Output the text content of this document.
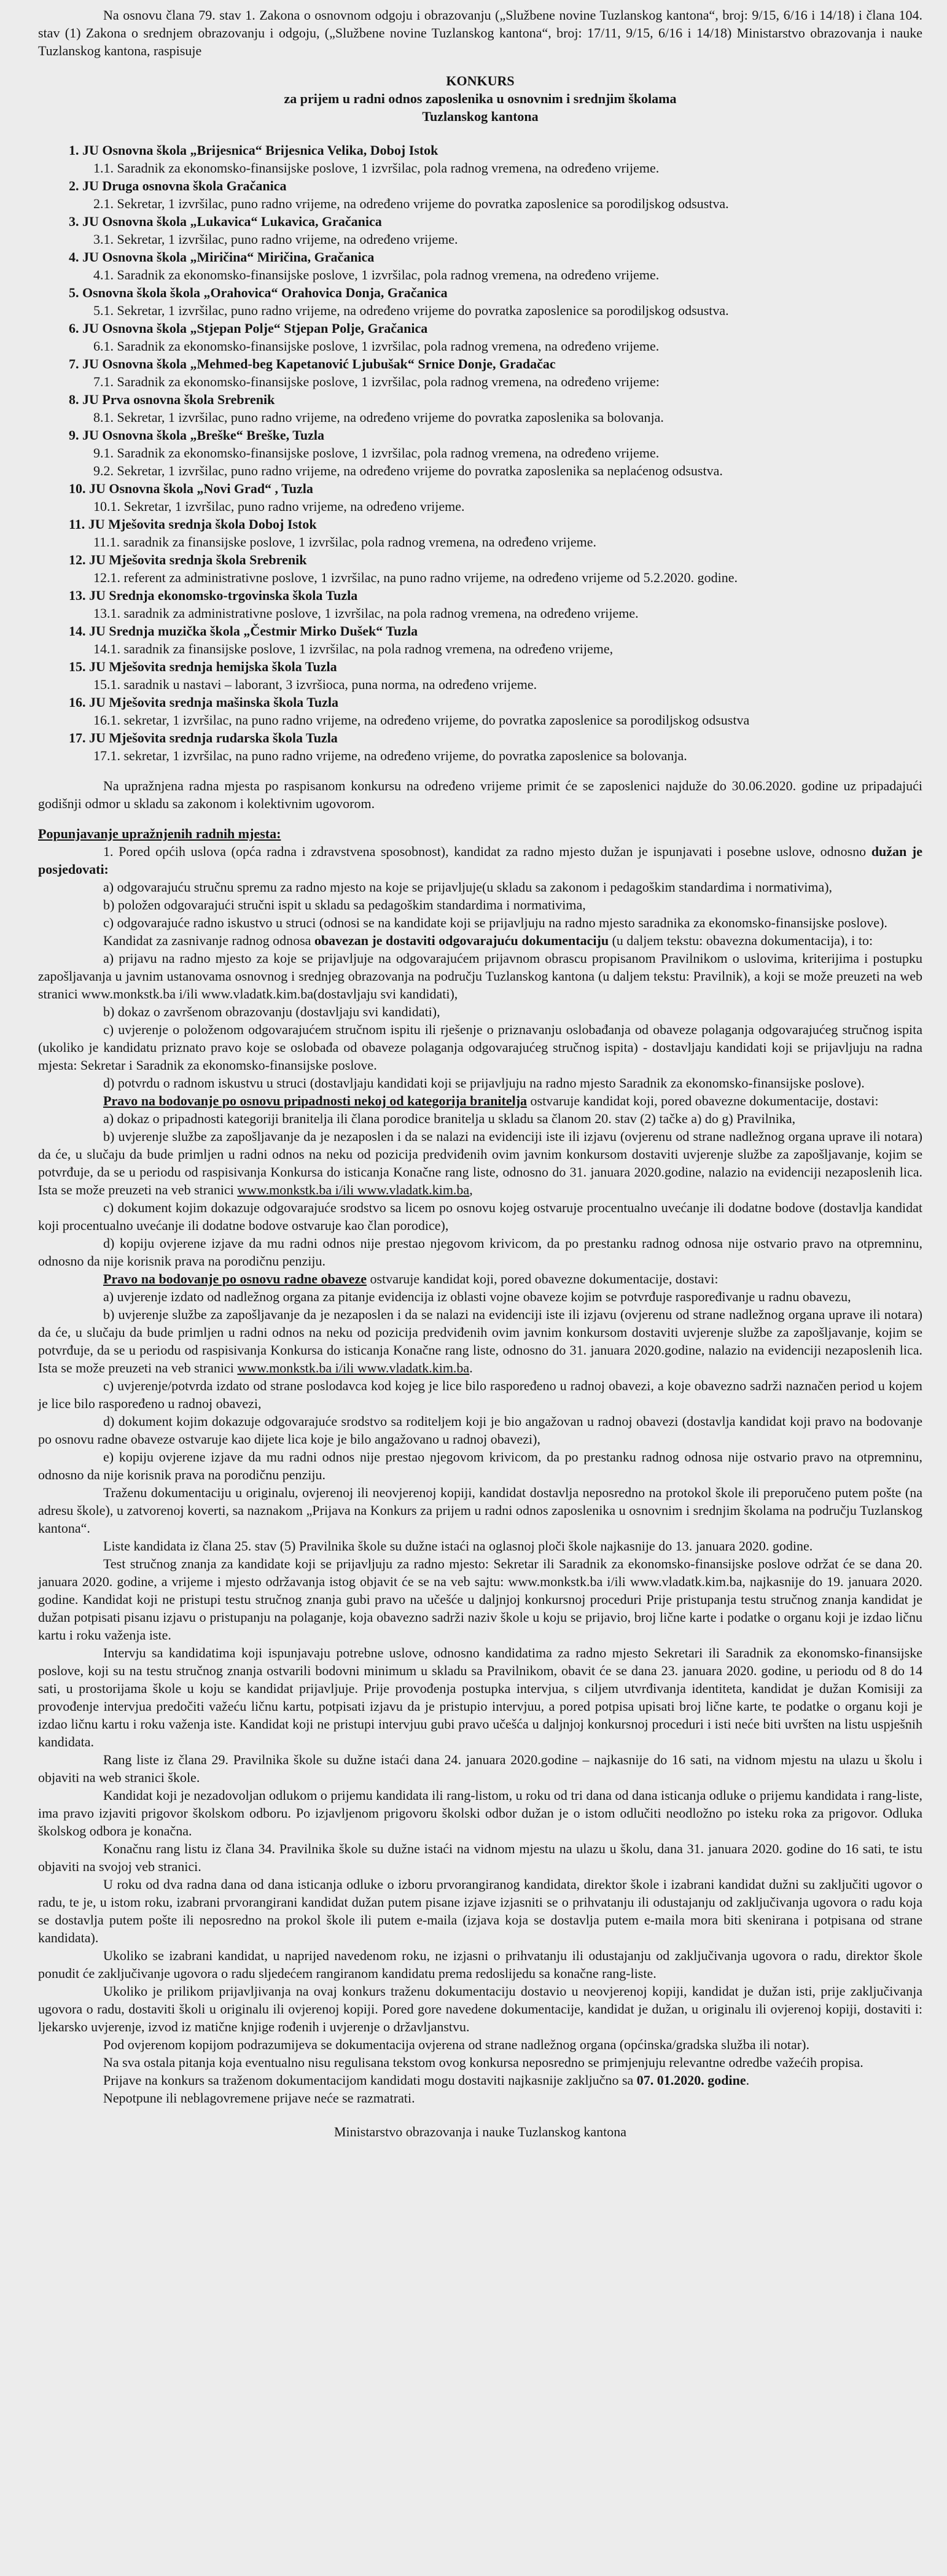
Na osnovu člana 79. stav 1. Zakona o osnovnom odgoju i obrazovanju („Službene novine Tuzlanskog kantona“, broj: 9/15, 6/16 i 14/18) i člana 104. stav (1) Zakona o srednjem obrazovanju i odgoju, („Službene novine Tuzlanskog kantona“, broj: 17/11, 9/15, 6/16 i 14/18) Ministarstvo obrazovanja i nauke Tuzlanskog kantona, raspisuje

KONKURS

za prijem u radni odnos zaposlenika u osnovnim i srednjim školama

Tuzlanskog kantona

1. JU Osnovna škola „Brijesnica“ Brijesnica Velika, Doboj Istok

1.1. Saradnik za ekonomsko-finansijske poslove, 1 izvršilac, pola radnog vremena, na određeno vrijeme.

2. JU Druga osnovna škola Gračanica

2.1. Sekretar, 1 izvršilac, puno radno vrijeme, na određeno vrijeme do povratka zaposlenice sa porodiljskog odsustva.

3. JU Osnovna škola „Lukavica“ Lukavica, Gračanica

3.1. Sekretar, 1 izvršilac, puno radno vrijeme, na određeno vrijeme.

4. JU Osnovna škola „Miričina“ Miričina, Gračanica

4.1. Saradnik za ekonomsko-finansijske poslove, 1 izvršilac, pola radnog vremena, na određeno vrijeme.

5. Osnovna škola škola „Orahovica“ Orahovica Donja, Gračanica

5.1. Sekretar, 1 izvršilac, puno radno vrijeme, na određeno vrijeme do povratka zaposlenice sa porodiljskog odsustva.

6. JU Osnovna škola „Stjepan Polje“ Stjepan Polje, Gračanica

6.1. Saradnik za ekonomsko-finansijske poslove, 1 izvršilac, pola radnog vremena, na određeno vrijeme.

7. JU Osnovna škola „Mehmed-beg Kapetanović Ljubušak“ Srnice Donje, Gradačac

7.1. Saradnik za ekonomsko-finansijske poslove, 1 izvršilac, pola radnog vremena, na određeno vrijeme:

8. JU Prva osnovna škola Srebrenik

8.1. Sekretar, 1 izvršilac, puno radno vrijeme, na određeno vrijeme do povratka zaposlenika sa bolovanja.

9. JU Osnovna škola „Breške“ Breške, Tuzla

9.1. Saradnik za ekonomsko-finansijske poslove, 1 izvršilac, pola radnog vremena, na određeno vrijeme.

9.2. Sekretar, 1 izvršilac, puno radno vrijeme, na određeno vrijeme do povratka zaposlenika sa neplaćenog odsustva.

10. JU Osnovna škola „Novi Grad“ , Tuzla

10.1. Sekretar, 1 izvršilac, puno radno vrijeme, na određeno vrijeme.

11. JU Mješovita srednja škola Doboj Istok

11.1. saradnik za finansijske poslove, 1 izvršilac, pola radnog vremena, na određeno vrijeme.

12. JU Mješovita srednja škola Srebrenik

12.1. referent za administrativne poslove, 1 izvršilac, na puno radno vrijeme, na određeno vrijeme od 5.2.2020. godine.

13. JU Srednja ekonomsko-trgovinska škola Tuzla

13.1. saradnik za administrativne poslove, 1 izvršilac, na pola radnog vremena, na određeno vrijeme.

14. JU Srednja muzička škola „Čestmir Mirko Dušek“ Tuzla

14.1. saradnik za finansijske poslove, 1 izvršilac, na pola radnog vremena, na određeno vrijeme,

15. JU Mješovita srednja hemijska škola Tuzla

15.1. saradnik u nastavi – laborant, 3 izvršioca, puna norma, na određeno vrijeme.

16. JU Mješovita srednja mašinska škola Tuzla

16.1. sekretar, 1 izvršilac, na puno radno vrijeme, na određeno vrijeme, do povratka zaposlenice sa porodiljskog odsustva

17. JU Mješovita srednja rudarska škola Tuzla

17.1. sekretar, 1 izvršilac, na puno radno vrijeme, na određeno vrijeme, do povratka zaposlenice sa bolovanja.

Na upražnjena radna mjesta po raspisanom konkursu na određeno vrijeme primit će se zaposlenici najduže do 30.06.2020. godine uz pripadajući godišnji odmor u skladu sa zakonom i kolektivnim ugovorom.

Popunjavanje upražnjenih radnih mjesta:

1. Pored općih uslova (opća radna i zdravstvena sposobnost), kandidat za radno mjesto dužan je ispunjavati i posebne uslove, odnosno dužan je posjedovati:

a) odgovarajuću stručnu spremu za radno mjesto na koje se prijavljuje(u skladu sa zakonom i pedagoškim standardima i normativima),

b) položen odgovarajući stručni ispit u skladu sa pedagoškim standardima i normativima,

c) odgovarajuće radno iskustvo u struci (odnosi se na kandidate koji se prijavljuju na radno mjesto saradnika za ekonomsko-finansijske poslove).

Kandidat za zasnivanje radnog odnosa obavezan je dostaviti odgovarajuću dokumentaciju (u daljem tekstu: obavezna dokumentacija), i to:

a) prijavu na radno mjesto za koje se prijavljuje na odgovarajućem prijavnom obrascu propisanom Pravilnikom o uslovima, kriterijima i postupku zapošljavanja u javnim ustanovama osnovnog i srednjeg obrazovanja na području Tuzlanskog kantona (u daljem tekstu: Pravilnik), a koji se može preuzeti na web stranici www.monkstk.ba i/ili www.vladatk.kim.ba(dostavljaju svi kandidati),

b) dokaz o završenom obrazovanju (dostavljaju svi kandidati),

c) uvjerenje o položenom odgovarajućem stručnom ispitu ili rješenje o priznavanju oslobađanja od obaveze polaganja odgovarajućeg stručnog ispita (ukoliko je kandidatu priznato pravo koje se oslobađa od obaveze polaganja odgovarajućeg stručnog ispita) - dostavljaju kandidati koji se prijavljuju na radna mjesta: Sekretar i Saradnik za ekonomsko-finansijske poslove.

d) potvrdu o radnom iskustvu u struci (dostavljaju kandidati koji se prijavljuju na radno mjesto Saradnik za ekonomsko-finansijske poslove).

Pravo na bodovanje po osnovu pripadnosti nekoj od kategorija branitelja ostvaruje kandidat koji, pored obavezne dokumentacije, dostavi:

a) dokaz o pripadnosti kategoriji branitelja ili člana porodice branitelja u skladu sa članom 20. stav (2) tačke a) do g) Pravilnika,

b) uvjerenje službe za zapošljavanje da je nezaposlen i da se nalazi na evidenciji iste ili izjavu (ovjerenu od strane nadležnog organa uprave ili notara) da će, u slučaju da bude primljen u radni odnos na neku od pozicija predviđenih ovim javnim konkursom dostaviti uvjerenje službe za zapošljavanje, kojim se potvrđuje, da se u periodu od raspisivanja Konkursa do isticanja Konačne rang liste, odnosno do 31. januara 2020.godine, nalazio na evidenciji nezaposlenih lica. Ista se može preuzeti na veb stranici www.monkstk.ba i/ili www.vladatk.kim.ba,

c) dokument kojim dokazuje odgovarajuće srodstvo sa licem po osnovu kojeg ostvaruje procentualno uvećanje ili dodatne bodove (dostavlja kandidat koji procentualno uvećanje ili dodatne bodove ostvaruje kao član porodice),

d) kopiju ovjerene izjave da mu radni odnos nije prestao njegovom krivicom, da po prestanku radnog odnosa nije ostvario pravo na otpremninu, odnosno da nije korisnik prava na porodičnu penziju.

Pravo na bodovanje po osnovu radne obaveze ostvaruje kandidat koji, pored obavezne dokumentacije, dostavi:

a) uvjerenje izdato od nadležnog organa za pitanje evidencija iz oblasti vojne obaveze kojim se potvrđuje raspoređivanje u radnu obavezu,

b) uvjerenje službe za zapošljavanje da je nezaposlen i da se nalazi na evidenciji iste ili izjavu (ovjerenu od strane nadležnog organa uprave ili notara) da će, u slučaju da bude primljen u radni odnos na neku od pozicija predviđenih ovim javnim konkursom dostaviti uvjerenje službe za zapošljavanje, kojim se potvrđuje, da se u periodu od raspisivanja Konkursa do isticanja Konačne rang liste, odnosno do 31. januara 2020.godine, nalazio na evidenciji nezaposlenih lica. Ista se može preuzeti na veb stranici www.monkstk.ba i/ili www.vladatk.kim.ba.

c) uvjerenje/potvrda izdato od strane poslodavca kod kojeg je lice bilo raspoređeno u radnoj obavezi, a koje obavezno sadrži naznačen period u kojem je lice bilo raspoređeno u radnoj obavezi,

d) dokument kojim dokazuje odgovarajuće srodstvo sa roditeljem koji je bio angažovan u radnoj obavezi (dostavlja kandidat koji pravo na bodovanje po osnovu radne obaveze ostvaruje kao dijete lica koje je bilo angažovano u radnoj obavezi),

e) kopiju ovjerene izjave da mu radni odnos nije prestao njegovom krivicom, da po prestanku radnog odnosa nije ostvario pravo na otpremninu, odnosno da nije korisnik prava na porodičnu penziju.

Traženu dokumentaciju u originalu, ovjerenoj ili neovjerenoj kopiji, kandidat dostavlja neposredno na protokol škole ili preporučeno putem pošte (na adresu škole), u zatvorenoj koverti, sa naznakom „Prijava na Konkurs za prijem u radni odnos zaposlenika u osnovnim i srednjim školama na području Tuzlanskog kantona“.

Liste kandidata iz člana 25. stav (5) Pravilnika škole su dužne istaći na oglasnoj ploči škole najkasnije do 13. januara 2020. godine.

Test stručnog znanja za kandidate koji se prijavljuju za radno mjesto: Sekretar ili Saradnik za ekonomsko-finansijske poslove održat će se dana 20. januara 2020. godine, a vrijeme i mjesto održavanja istog objavit će se na veb sajtu: www.monkstk.ba i/ili www.vladatk.kim.ba, najkasnije do 19. januara 2020. godine. Kandidat koji ne pristupi testu stručnog znanja gubi pravo na učešće u daljnjoj konkursnoj proceduri Prije pristupanja testu stručnog znanja kandidat je dužan potpisati pisanu izjavu o pristupanju na polaganje, koja obavezno sadrži naziv škole u koju se prijavio, broj lične karte i podatke o organu koji je izdao ličnu kartu i roku važenja iste.

Intervju sa kandidatima koji ispunjavaju potrebne uslove, odnosno kandidatima za radno mjesto Sekretari ili Saradnik za ekonomsko-finansijske poslove, koji su na testu stručnog znanja ostvarili bodovni minimum u skladu sa Pravilnikom, obavit će se dana 23. januara 2020. godine, u periodu od 8 do 14 sati, u prostorijama škole u koju se kandidat prijavljuje. Prije provođenja postupka intervjua, s ciljem utvrđivanja identiteta, kandidat je dužan Komisiji za provođenje intervjua predočiti važeću ličnu kartu, potpisati izjavu da je pristupio intervjuu, a pored potpisa upisati broj lične karte, te podatke o organu koji je izdao ličnu kartu i roku važenja iste. Kandidat koji ne pristupi intervjuu gubi pravo učešća u daljnjoj konkursnoj proceduri i isti neće biti uvršten na listu uspješnih kandidata.

Rang liste iz člana 29. Pravilnika škole su dužne istaći dana 24. januara 2020.godine – najkasnije do 16 sati, na vidnom mjestu na ulazu u školu i objaviti na web stranici škole.

Kandidat koji je nezadovoljan odlukom o prijemu kandidata ili rang-listom, u roku od tri dana od dana isticanja odluke o prijemu kandidata i rang-liste, ima pravo izjaviti prigovor školskom odboru. Po izjavljenom prigovoru školski odbor dužan je o istom odlučiti neodložno po isteku roka za prigovor. Odluka školskog odbora je konačna.

Konačnu rang listu iz člana 34. Pravilnika škole su dužne istaći na vidnom mjestu na ulazu u školu, dana 31. januara 2020. godine do 16 sati, te istu objaviti na svojoj veb stranici.

U roku od dva radna dana od dana isticanja odluke o izboru prvorangiranog kandidata, direktor škole i izabrani kandidat dužni su zaključiti ugovor o radu, te je, u istom roku, izabrani prvorangirani kandidat dužan putem pisane izjave izjasniti se o prihvatanju ili odustajanju od zaključivanja ugovora o radu koja se dostavlja putem pošte ili neposredno na prokol škole ili putem e-maila (izjava koja se dostavlja putem e-maila mora biti skenirana i potpisana od strane kandidata).

Ukoliko se izabrani kandidat, u naprijed navedenom roku, ne izjasni o prihvatanju ili odustajanju od zaključivanja ugovora o radu, direktor škole ponudit će zaključivanje ugovora o radu sljedećem rangiranom kandidatu prema redoslijedu sa konačne rang-liste.

Ukoliko je prilikom prijavljivanja na ovaj konkurs traženu dokumentaciju dostavio u neovjerenoj kopiji, kandidat je dužan isti, prije zaključivanja ugovora o radu, dostaviti školi u originalu ili ovjerenoj kopiji. Pored gore navedene dokumentacije, kandidat je dužan, u originalu ili ovjerenoj kopiji, dostaviti i: ljekarsko uvjerenje, izvod iz matične knjige rođenih i uvjerenje o državljanstvu.

Pod ovjerenom kopijom podrazumijeva se dokumentacija ovjerena od strane nadležnog organa (općinska/gradska služba ili notar).

Na sva ostala pitanja koja eventualno nisu regulisana tekstom ovog konkursa neposredno se primjenjuju relevantne odredbe važećih propisa.

Prijave na konkurs sa traženom dokumentacijom kandidati mogu dostaviti najkasnije zaključno sa 07. 01.2020. godine.

Nepotpune ili neblagovremene prijave neće se razmatrati.

Ministarstvo obrazovanja i nauke Tuzlanskog kantona
